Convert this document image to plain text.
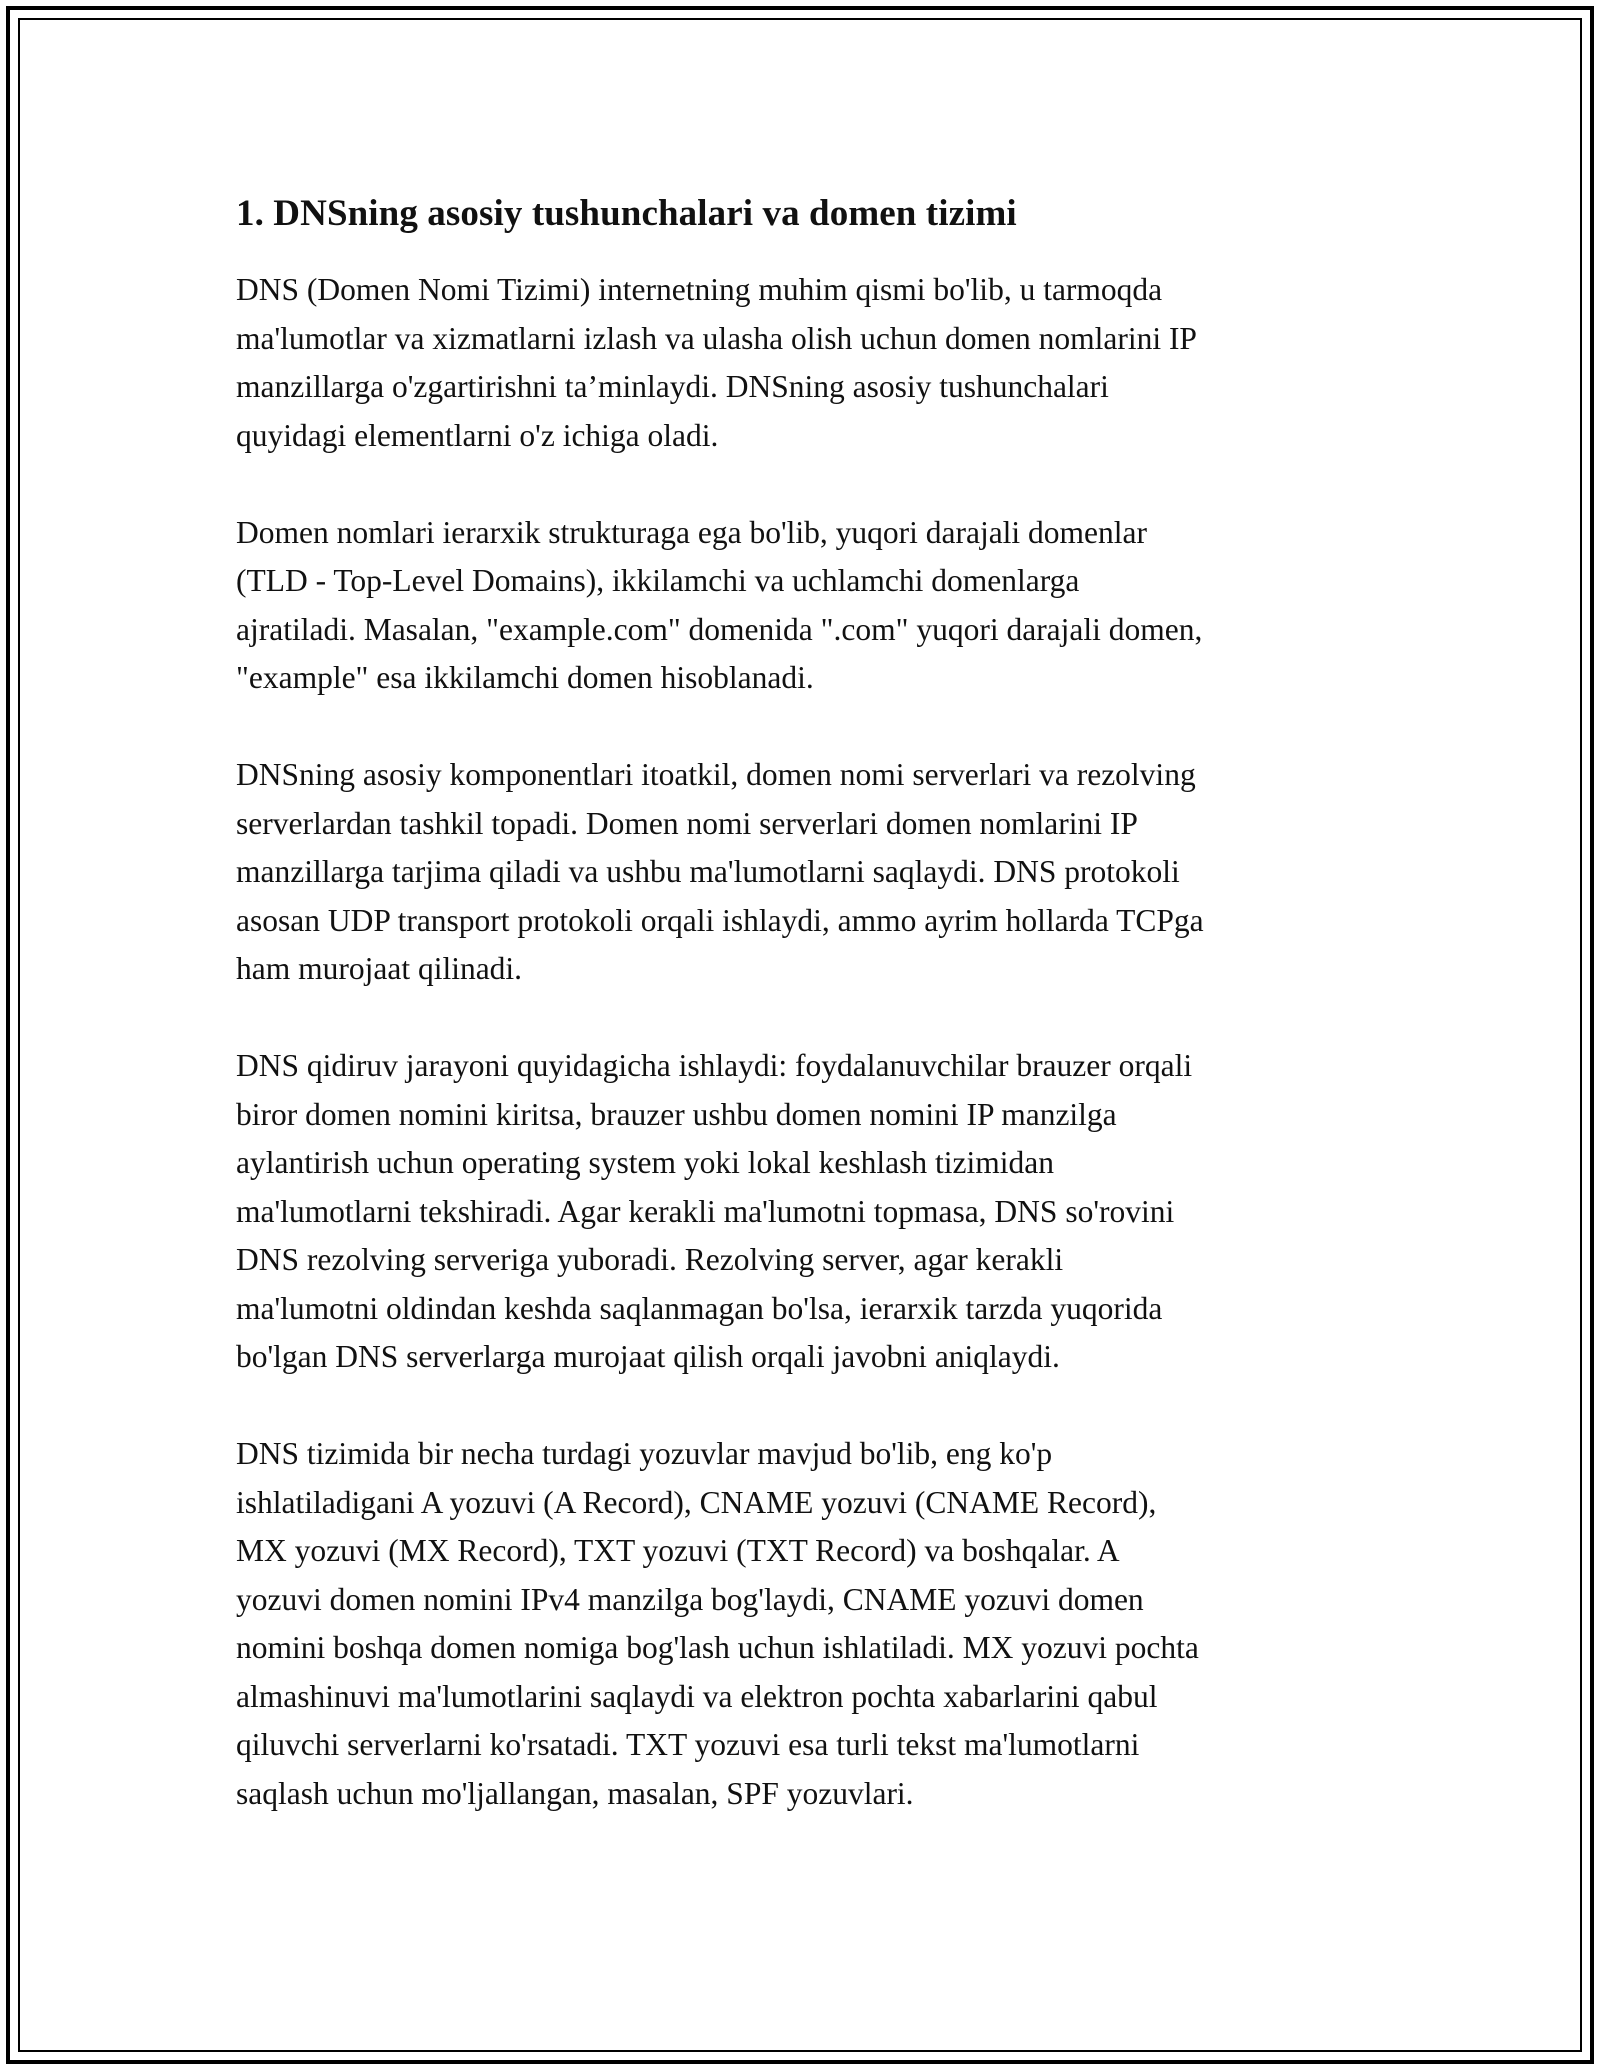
1. DNSning asosiy tushunchalari va domen tizimi

DNS (Domen Nomi Tizimi) internetning muhim qismi bo'lib, u tarmoqda
ma'lumotlar va xizmatlarni izlash va ulasha olish uchun domen nomlarini IP
manzillarga o'zgartirishni ta’minlaydi. DNSning asosiy tushunchalari
quyidagi elementlarni o'z ichiga oladi.

Domen nomlari ierarxik strukturaga ega bo'lib, yuqori darajali domenlar
(TLD - Top-Level Domains), ikkilamchi va uchlamchi domenlarga
ajratiladi. Masalan, "example.com" domenida ".com" yuqori darajali domen,
"example" esa ikkilamchi domen hisoblanadi.

DNSning asosiy komponentlari itoatkil, domen nomi serverlari va rezolving
serverlardan tashkil topadi. Domen nomi serverlari domen nomlarini IP
manzillarga tarjima qiladi va ushbu ma'lumotlarni saqlaydi. DNS protokoli
asosan UDP transport protokoli orqali ishlaydi, ammo ayrim hollarda TCPga
ham murojaat qilinadi.

DNS qidiruv jarayoni quyidagicha ishlaydi: foydalanuvchilar brauzer orqali
biror domen nomini kiritsa, brauzer ushbu domen nomini IP manzilga
aylantirish uchun operating system yoki lokal keshlash tizimidan
ma'lumotlarni tekshiradi. Agar kerakli ma'lumotni topmasa, DNS so'rovini
DNS rezolving serveriga yuboradi. Rezolving server, agar kerakli
ma'lumotni oldindan keshda saqlanmagan bo'lsa, ierarxik tarzda yuqorida
bo'lgan DNS serverlarga murojaat qilish orqali javobni aniqlaydi.

DNS tizimida bir necha turdagi yozuvlar mavjud bo'lib, eng ko'p
ishlatiladigani A yozuvi (A Record), CNAME yozuvi (CNAME Record),
MX yozuvi (MX Record), TXT yozuvi (TXT Record) va boshqalar. A
yozuvi domen nomini IPv4 manzilga bog'laydi, CNAME yozuvi domen
nomini boshqa domen nomiga bog'lash uchun ishlatiladi. MX yozuvi pochta
almashinuvi ma'lumotlarini saqlaydi va elektron pochta xabarlarini qabul
qiluvchi serverlarni ko'rsatadi. TXT yozuvi esa turli tekst ma'lumotlarni
saqlash uchun mo'ljallangan, masalan, SPF yozuvlari.
